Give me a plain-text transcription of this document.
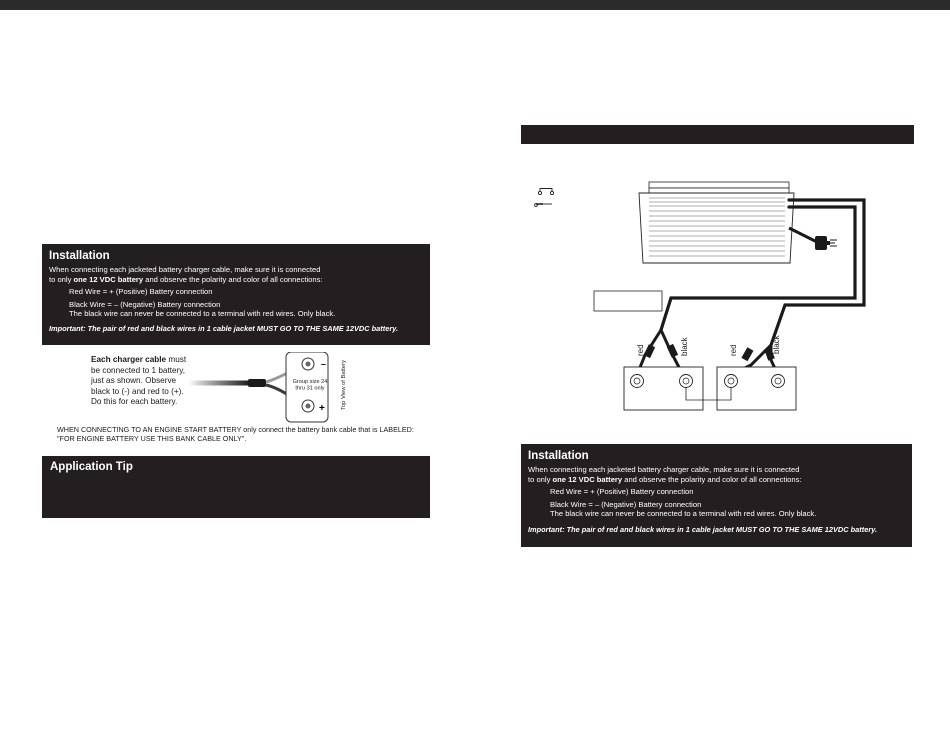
Installation
When connecting each jacketed battery charger cable, make sure it is connected
to only one 12 VDC battery and observe the polarity and color of all connections:
Red Wire = + (Positive) Battery connection
Black Wire = – (Negative) Battery connection
The black wire can never be connected to a terminal with red wires. Only black.
Important: The pair of red and black wires in 1 cable jacket MUST GO TO THE SAME 12VDC battery.
Each charger cable must be connected to 1 battery, just as shown. Observe black to (-) and red to (+). Do this for each battery.
–
+
Group size 24
thru 31 only	Top View of Battery
WHEN CONNECTING TO AN ENGINE START BATTERY only connect the battery bank cable that is LABELED:
"FOR ENGINE BATTERY USE THIS BANK CABLE ONLY".
Application Tip
red	black	red	black
Installation
When connecting each jacketed battery charger cable, make sure it is connected
to only one 12 VDC battery and observe the polarity and color of all connections:
Red Wire = + (Positive) Battery connection
Black Wire = – (Negative) Battery connection
The black wire can never be connected to a terminal with red wires. Only black.
Important: The pair of red and black wires in 1 cable jacket MUST GO TO THE SAME 12VDC battery.
